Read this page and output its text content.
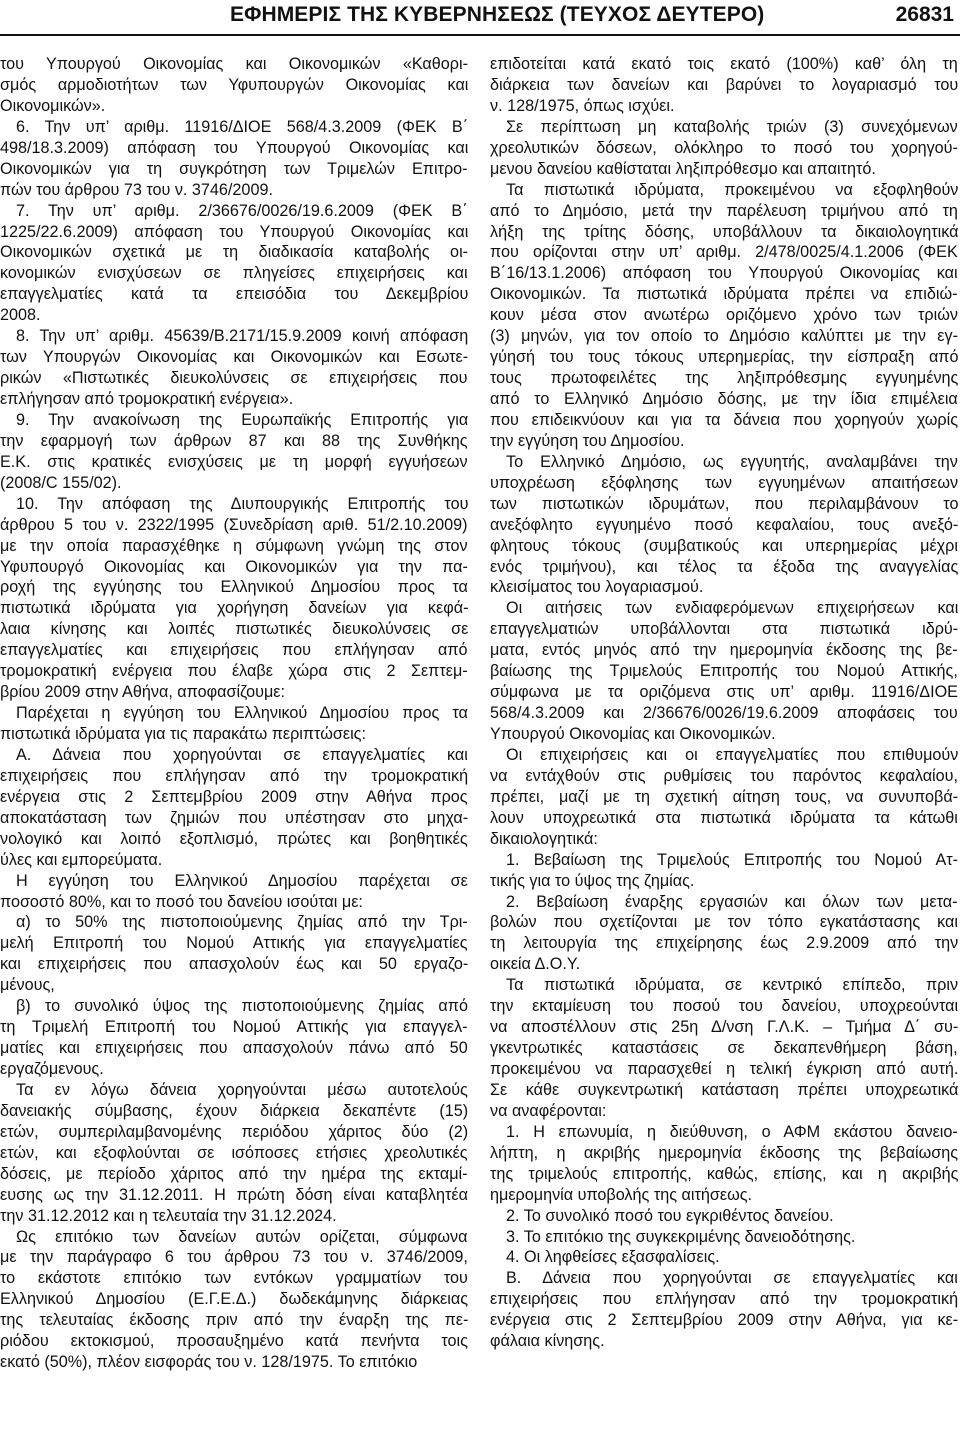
ΕΦΗΜΕΡΙΣ ΤΗΣ ΚΥΒΕΡΝΗΣΕΩΣ (ΤΕΥΧΟΣ ΔΕΥΤΕΡΟ)	26831
του Υπουργού Οικονομίας και Οικονομικών «Καθορι-
σμός αρμοδιοτήτων των Υφυπουργών Οικονομίας και
Οικονομικών».
6. Την υπ’ αριθμ. 11916/ΔΙΟΕ 568/4.3.2009 (ΦΕΚ Β΄
498/18.3.2009) απόφαση του Υπουργού Οικονομίας και
Οικονομικών για τη συγκρότηση των Τριμελών Επιτρο-
πών του άρθρου 73 του ν. 3746/2009.
7. Την υπ’ αριθμ. 2/36676/0026/19.6.2009 (ΦΕΚ Β΄
1225/22.6.2009) απόφαση του Υπουργού Οικονομίας και
Οικονομικών σχετικά με τη διαδικασία καταβολής οι-
κονομικών ενισχύσεων σε πληγείσες επιχειρήσεις και
επαγγελματίες κατά τα επεισόδια του Δεκεμβρίου
2008.
8. Την υπ’ αριθμ. 45639/Β.2171/15.9.2009 κοινή απόφαση
των Υπουργών Οικονομίας και Οικονομικών και Εσωτε-
ρικών «Πιστωτικές διευκολύνσεις σε επιχειρήσεις που
επλήγησαν από τρομοκρατική ενέργεια».
9. Την ανακοίνωση της Ευρωπαϊκής Επιτροπής για
την εφαρμογή των άρθρων 87 και 88 της Συνθήκης
Ε.Κ. στις κρατικές ενισχύσεις με τη μορφή εγγυήσεων
(2008/C 155/02).
10. Την απόφαση της Διυπουργικής Επιτροπής του
άρθρου 5 του ν. 2322/1995 (Συνεδρίαση αριθ. 51/2.10.2009)
με την οποία παρασχέθηκε η σύμφωνη γνώμη της στον
Υφυπουργό Οικονομίας και Οικονομικών για την πα-
ροχή της εγγύησης του Ελληνικού Δημοσίου προς τα
πιστωτικά ιδρύματα για χορήγηση δανείων για κεφά-
λαια κίνησης και λοιπές πιστωτικές διευκολύνσεις σε
επαγγελματίες και επιχειρήσεις που επλήγησαν από
τρομοκρατική ενέργεια που έλαβε χώρα στις 2 Σεπτεμ-
βρίου 2009 στην Αθήνα, αποφασίζουμε:
Παρέχεται η εγγύηση του Ελληνικού Δημοσίου προς τα
πιστωτικά ιδρύματα για τις παρακάτω περιπτώσεις:
Α. Δάνεια που χορηγούνται σε επαγγελματίες και
επιχειρήσεις που επλήγησαν από την τρομοκρατική
ενέργεια στις 2 Σεπτεμβρίου 2009 στην Αθήνα προς
αποκατάσταση των ζημιών που υπέστησαν στο μηχα-
νολογικό και λοιπό εξοπλισμό, πρώτες και βοηθητικές
ύλες και εμπορεύματα.
Η εγγύηση του Ελληνικού Δημοσίου παρέχεται σε
ποσοστό 80%, και το ποσό του δανείου ισούται με:
α) το 50% της πιστοποιούμενης ζημίας από την Τρι-
μελή Επιτροπή του Νομού Αττικής για επαγγελματίες
και επιχειρήσεις που απασχολούν έως και 50 εργαζο-
μένους,
β) το συνολικό ύψος της πιστοποιούμενης ζημίας από
τη Τριμελή Επιτροπή του Νομού Αττικής για επαγγελ-
ματίες και επιχειρήσεις που απασχολούν πάνω από 50
εργαζόμενους.
Τα εν λόγω δάνεια χορηγούνται μέσω αυτοτελούς
δανειακής σύμβασης, έχουν διάρκεια δεκαπέντε (15)
ετών, συμπεριλαμβανομένης περιόδου χάριτος δύο (2)
ετών, και εξοφλούνται σε ισόποσες ετήσιες χρεολυτικές
δόσεις, με περίοδο χάριτος από την ημέρα της εκταμί-
ευσης ως την 31.12.2011. Η πρώτη δόση είναι καταβλητέα
την 31.12.2012 και η τελευταία την 31.12.2024.
Ως επιτόκιο των δανείων αυτών ορίζεται, σύμφωνα
με την παράγραφο 6 του άρθρου 73 του ν. 3746/2009,
το εκάστοτε επιτόκιο των εντόκων γραμματίων του
Ελληνικού Δημοσίου (Ε.Γ.Ε.Δ.) δωδεκάμηνης διάρκειας
της τελευταίας έκδοσης πριν από την έναρξη της πε-
ριόδου εκτοκισμού, προσαυξημένο κατά πενήντα τοις
εκατό (50%), πλέον εισφοράς του ν. 128/1975. Το επιτόκιο
επιδοτείται κατά εκατό τοις εκατό (100%) καθ’ όλη τη
διάρκεια των δανείων και βαρύνει το λογαριασμό του
ν. 128/1975, όπως ισχύει.
Σε περίπτωση μη καταβολής τριών (3) συνεχόμενων
χρεολυτικών δόσεων, ολόκληρο το ποσό του χορηγού-
μενου δανείου καθίσταται ληξιπρόθεσμο και απαιτητό.
Τα πιστωτικά ιδρύματα, προκειμένου να εξοφληθούν
από το Δημόσιο, μετά την παρέλευση τριμήνου από τη
λήξη της τρίτης δόσης, υποβάλλουν τα δικαιολογητικά
που ορίζονται στην υπ’ αριθμ. 2/478/0025/4.1.2006 (ΦΕΚ
Β΄16/13.1.2006) απόφαση του Υπουργού Οικονομίας και
Οικονομικών. Τα πιστωτικά ιδρύματα πρέπει να επιδιώ-
κουν μέσα στον ανωτέρω οριζόμενο χρόνο των τριών
(3) μηνών, για τον οποίο το Δημόσιο καλύπτει με την εγ-
γύησή του τους τόκους υπερημερίας, την είσπραξη από
τους πρωτοφειλέτες της ληξιπρόθεσμης εγγυημένης
από το Ελληνικό Δημόσιο δόσης, με την ίδια επιμέλεια
που επιδεικνύουν και για τα δάνεια που χορηγούν χωρίς
την εγγύηση του Δημοσίου.
Το Ελληνικό Δημόσιο, ως εγγυητής, αναλαμβάνει την
υποχρέωση εξόφλησης των εγγυημένων απαιτήσεων
των πιστωτικών ιδρυμάτων, που περιλαμβάνουν το
ανεξόφλητο εγγυημένο ποσό κεφαλαίου, τους ανεξό-
φλητους τόκους (συμβατικούς και υπερημερίας μέχρι
ενός τριμήνου), και τέλος τα έξοδα της αναγγελίας
κλεισίματος του λογαριασμού.
Οι αιτήσεις των ενδιαφερόμενων επιχειρήσεων και
επαγγελματιών υποβάλλονται στα πιστωτικά ιδρύ-
ματα, εντός μηνός από την ημερομηνία έκδοσης της βε-
βαίωσης της Τριμελούς Επιτροπής του Νομού Αττικής,
σύμφωνα με τα οριζόμενα στις υπ’ αριθμ. 11916/ΔΙΟΕ
568/4.3.2009 και 2/36676/0026/19.6.2009 αποφάσεις του
Υπουργού Οικονομίας και Οικονομικών.
Οι επιχειρήσεις και οι επαγγελματίες που επιθυμούν
να εντάχθούν στις ρυθμίσεις του παρόντος κεφαλαίου,
πρέπει, μαζί με τη σχετική αίτηση τους, να συνυποβά-
λουν υποχρεωτικά στα πιστωτικά ιδρύματα τα κάτωθι
δικαιολογητικά:
1. Βεβαίωση της Τριμελούς Επιτροπής του Νομού Ατ-
τικής για το ύψος της ζημίας.
2. Βεβαίωση έναρξης εργασιών και όλων των μετα-
βολών που σχετίζονται με τον τόπο εγκατάστασης και
τη λειτουργία της επιχείρησης έως 2.9.2009 από την
οικεία Δ.Ο.Υ.
Τα πιστωτικά ιδρύματα, σε κεντρικό επίπεδο, πριν
την εκταμίευση του ποσού του δανείου, υποχρεούνται
να αποστέλλουν στις 25η Δ/νση Γ.Λ.Κ. – Τμήμα Δ΄ συ-
γκεντρωτικές καταστάσεις σε δεκαπενθήμερη βάση,
προκειμένου να παρασχεθεί η τελική έγκριση από αυτή.
Σε κάθε συγκεντρωτική κατάσταση πρέπει υποχρεωτικά
να αναφέρονται:
1. Η επωνυμία, η διεύθυνση, ο ΑΦΜ εκάστου δανειο-
λήπτη, η ακριβής ημερομηνία έκδοσης της βεβαίωσης
της τριμελούς επιτροπής, καθώς, επίσης, και η ακριβής
ημερομηνία υποβολής της αιτήσεως.
2. Το συνολικό ποσό του εγκριθέντος δανείου.
3. Το επιτόκιο της συγκεκριμένης δανειοδότησης.
4. Οι ληφθείσες εξασφαλίσεις.
Β. Δάνεια που χορηγούνται σε επαγγελματίες και
επιχειρήσεις που επλήγησαν από την τρομοκρατική
ενέργεια στις 2 Σεπτεμβρίου 2009 στην Αθήνα, για κε-
φάλαια κίνησης.
